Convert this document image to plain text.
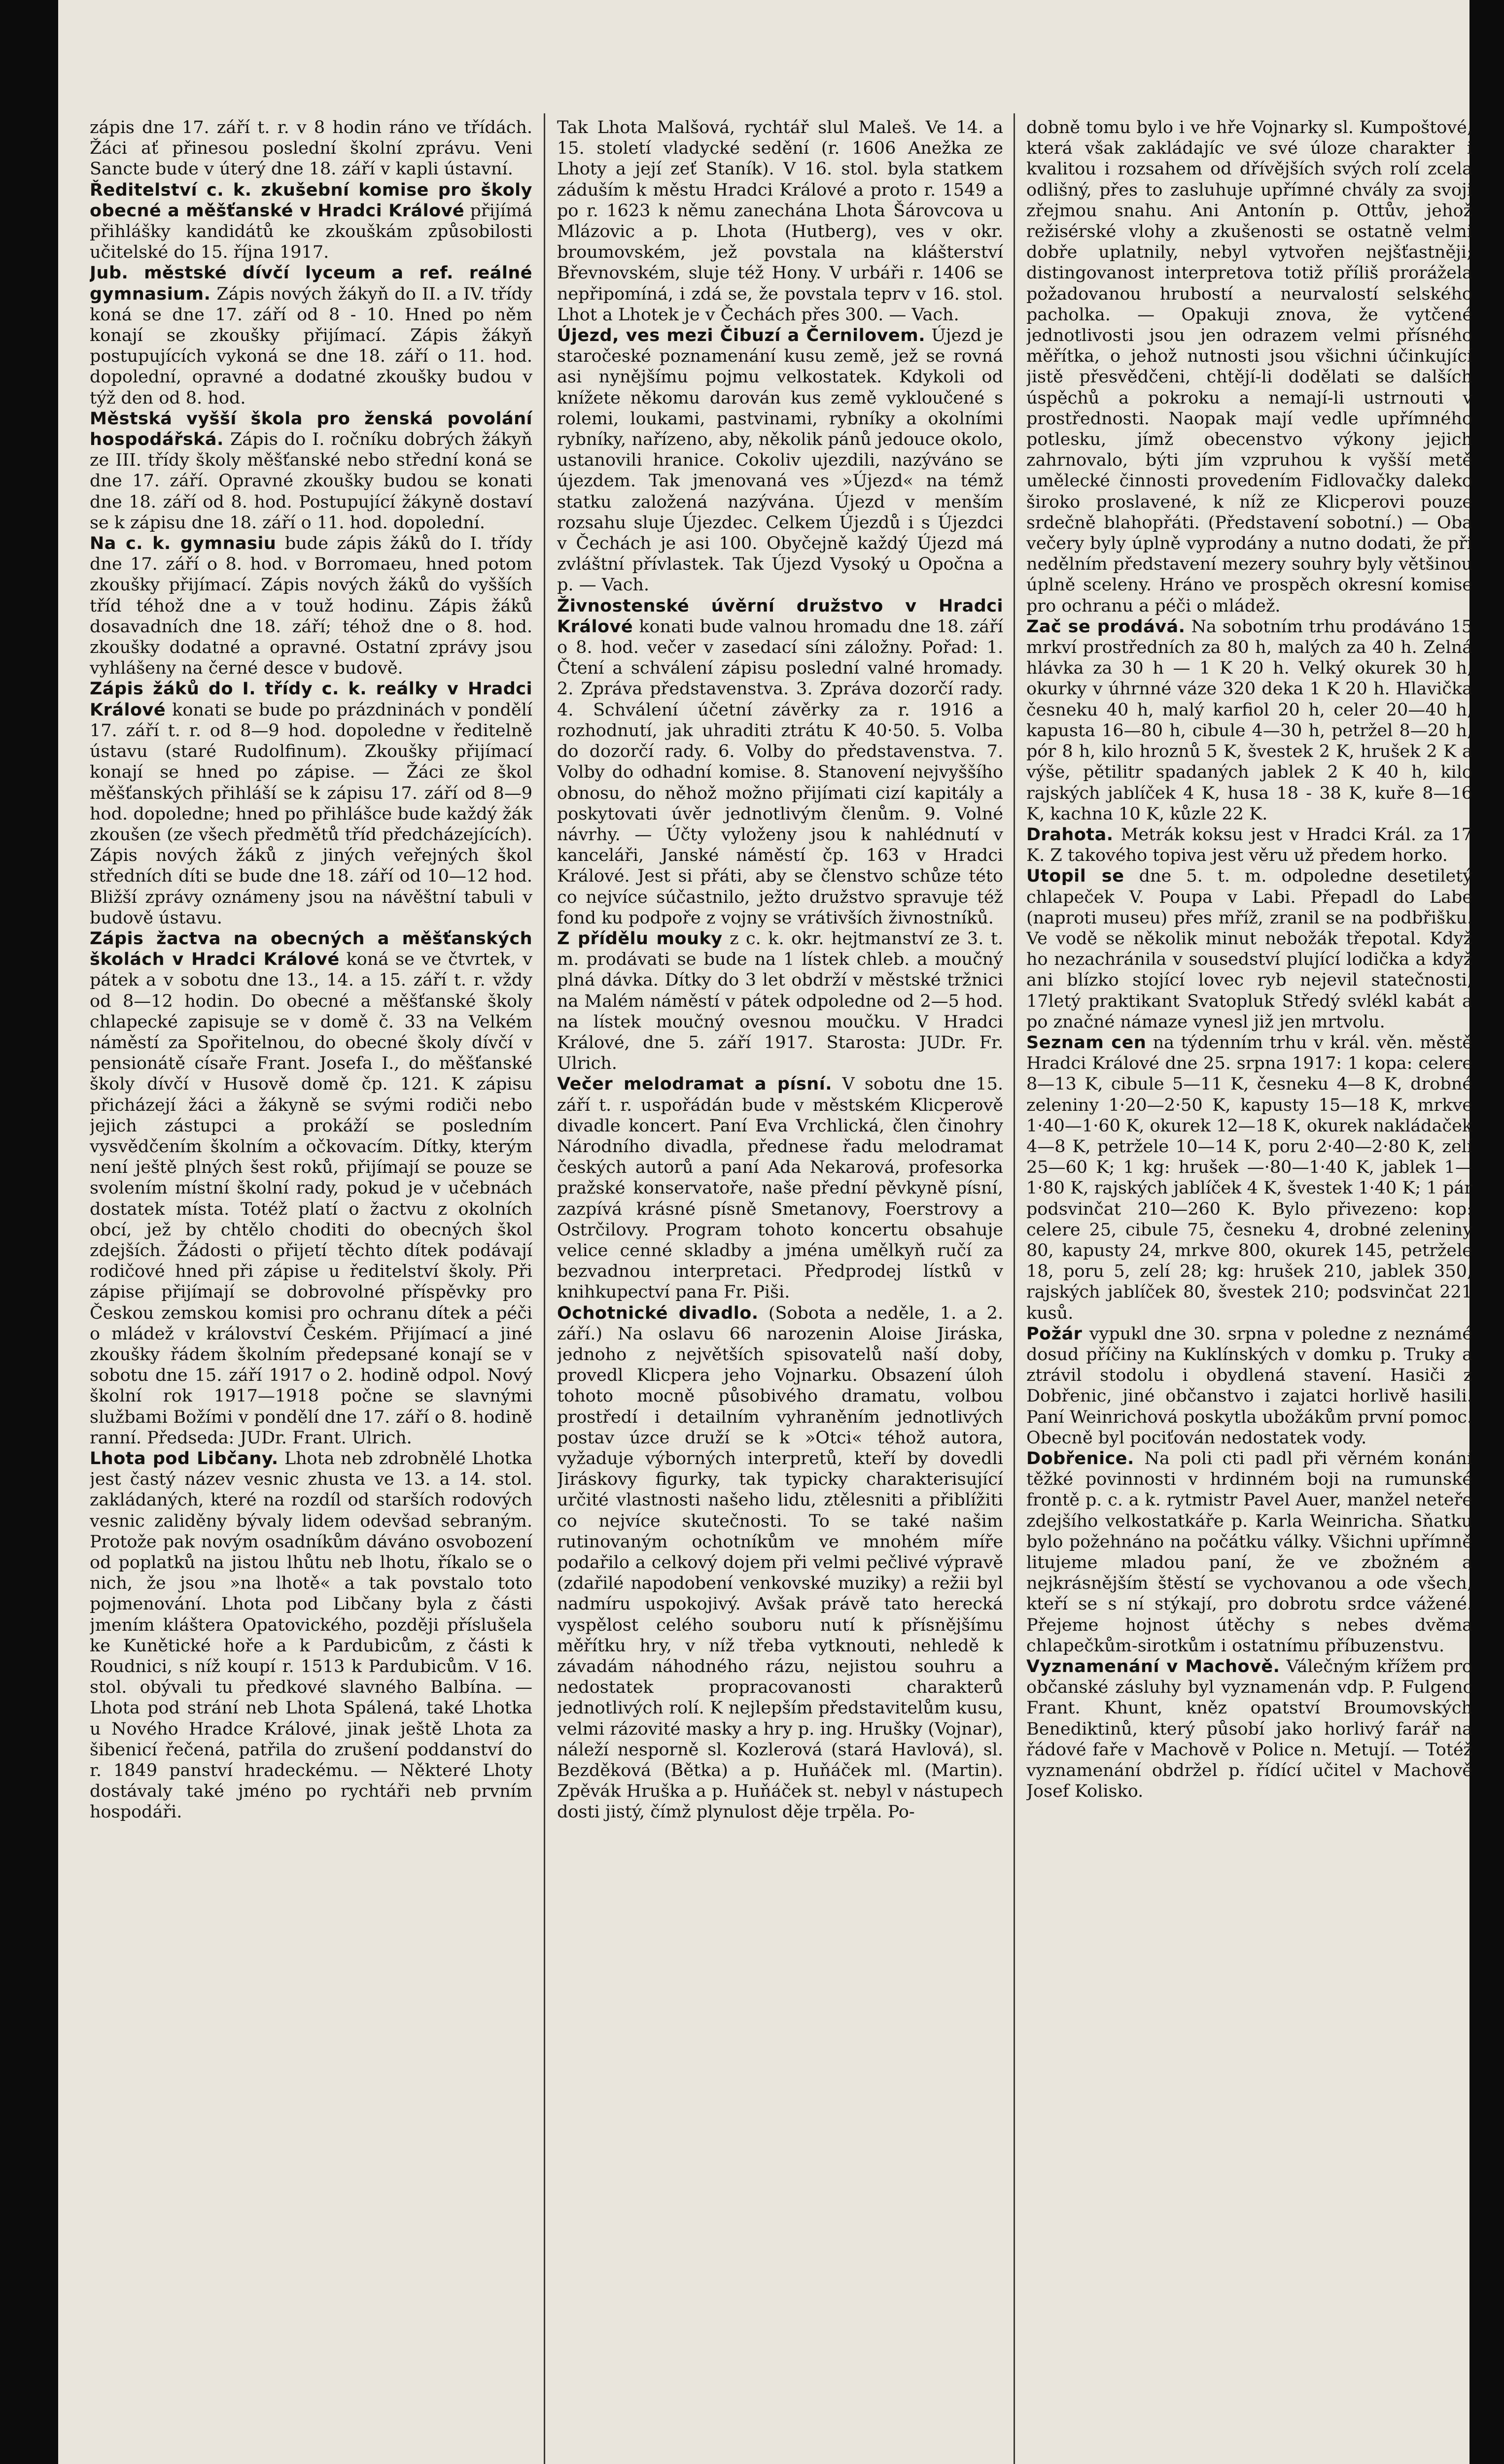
zápis dne 17. září t. r. v 8 hodin ráno ve třídách. Žáci ať přinesou poslední školní zprávu. Veni Sancte bude v úterý dne 18. září v kapli ústavní.

Ředitelství c. k. zkušební komise pro školy obecné a měšťanské v Hradci Králové přijímá přihlášky kandidátů ke zkouškám způsobilosti učitelské do 15. října 1917.

Jub. městské dívčí lyceum a ref. reálné gymnasium. Zápis nových žákyň do II. a IV. třídy koná se dne 17. září od 8 - 10. Hned po něm konají se zkoušky přijímací. Zápis žákyň postupujících vykoná se dne 18. září o 11. hod. dopolední, opravné a dodatné zkoušky budou v týž den od 8. hod.

Městská vyšší škola pro ženská povolání hospodářská. Zápis do I. ročníku dobrých žákyň ze III. třídy školy měšťanské nebo střední koná se dne 17. září. Opravné zkoušky budou se konati dne 18. září od 8. hod. Postupující žákyně dostaví se k zápisu dne 18. září o 11. hod. dopolední.

Na c. k. gymnasiu bude zápis žáků do I. třídy dne 17. září o 8. hod. v Borromaeu, hned potom zkoušky přijímací. Zápis nových žáků do vyšších tříd téhož dne a v touž hodinu. Zápis žáků dosavadních dne 18. září; téhož dne o 8. hod. zkoušky dodatné a opravné. Ostatní zprávy jsou vyhlášeny na černé desce v budově.

Zápis žáků do I. třídy c. k. reálky v Hradci Králové konati se bude po prázdninách v pondělí 17. září t. r. od 8—9 hod. dopoledne v ředitelně ústavu (staré Rudolfinum). Zkoušky přijímací konají se hned po zápise. — Žáci ze škol měšťanských přihláší se k zápisu 17. září od 8—9 hod. dopoledne; hned po přihlášce bude každý žák zkoušen (ze všech předmětů tříd předcházejících). Zápis nových žáků z jiných veřejných škol středních díti se bude dne 18. září od 10—12 hod. Bližší zprávy oznámeny jsou na návěštní tabuli v budově ústavu.

Zápis žactva na obecných a měšťanských školách v Hradci Králové koná se ve čtvrtek, v pátek a v sobotu dne 13., 14. a 15. září t. r. vždy od 8—12 hodin. Do obecné a měšťanské školy chlapecké zapisuje se v domě č. 33 na Velkém náměstí za Spořitelnou, do obecné školy dívčí v pensionátě císaře Frant. Josefa I., do měšťanské školy dívčí v Husově domě čp. 121. K zápisu přicházejí žáci a žákyně se svými rodiči nebo jejich zástupci a prokáží se posledním vysvědčením školním a očkovacím. Dítky, kterým není ještě plných šest roků, přijímají se pouze se svolením místní školní rady, pokud je v učebnách dostatek místa. Totéž platí o žactvu z okolních obcí, jež by chtělo choditi do obecných škol zdejších. Žádosti o přijetí těchto dítek podávají rodičové hned při zápise u ředitelství školy. Při zápise přijímají se dobrovolné příspěvky pro Českou zemskou komisi pro ochranu dítek a péči o mládež v království Českém. Přijímací a jiné zkoušky řádem školním předepsané konají se v sobotu dne 15. září 1917 o 2. hodině odpol. Nový školní rok 1917—1918 počne se slavnými službami Božími v pondělí dne 17. září o 8. hodině ranní. Předseda: JUDr. Frant. Ulrich.

Lhota pod Libčany. Lhota neb zdrobnělé Lhotka jest častý název vesnic zhusta ve 13. a 14. stol. zakládaných, které na rozdíl od starších rodových vesnic zaliděny bývaly lidem odevšad sebraným. Protože pak novým osadníkům dáváno osvobození od poplatků na jistou lhůtu neb lhotu, říkalo se o nich, že jsou »na lhotě« a tak povstalo toto pojmenování. Lhota pod Libčany byla z části jmením kláštera Opatovického, později příslušela ke Kunětické hoře a k Pardubicům, z části k Roudnici, s níž koupí r. 1513 k Pardubicům. V 16. stol. obývali tu předkové slavného Balbína. — Lhota pod strání neb Lhota Spálená, také Lhotka u Nového Hradce Králové, jinak ještě Lhota za šibenicí řečená, patřila do zrušení poddanství do r. 1849 panství hradeckému. — Některé Lhoty dostávaly také jméno po rychtáři neb prvním hospodáři.

Tak Lhota Malšová, rychtář slul Maleš. Ve 14. a 15. století vladycké sedění (r. 1606 Anežka ze Lhoty a její zeť Staník). V 16. stol. byla statkem záduším k městu Hradci Králové a proto r. 1549 a po r. 1623 k němu zanechána Lhota Šárovcova u Mlázovic a p. Lhota (Hutberg), ves v okr. broumovském, jež povstala na klášterství Břevnovském, sluje též Hony. V urbáři r. 1406 se nepřipomíná, i zdá se, že povstala teprv v 16. stol. Lhot a Lhotek je v Čechách přes 300. — Vach.

Újezd, ves mezi Čibuzí a Černilovem. Újezd je staročeské poznamenání kusu země, jež se rovná asi nynějšímu pojmu velkostatek. Kdykoli od knížete někomu darován kus země vykloučené s rolemi, loukami, pastvinami, rybníky a okolními rybníky, nařízeno, aby, několik pánů jedouce okolo, ustanovili hranice. Cokoliv ujezdili, nazýváno se újezdem. Tak jmenovaná ves »Újezd« na témž statku založená nazývána. Újezd v menším rozsahu sluje Újezdec. Celkem Újezdů i s Újezdci v Čechách je asi 100. Obyčejně každý Újezd má zvláštní přívlastek. Tak Újezd Vysoký u Opočna a p. — Vach.

Živnostenské úvěrní družstvo v Hradci Králové konati bude valnou hromadu dne 18. září o 8. hod. večer v zasedací síni záložny. Pořad: 1. Čtení a schválení zápisu poslední valné hromady. 2. Zpráva představenstva. 3. Zpráva dozorčí rady. 4. Schválení účetní závěrky za r. 1916 a rozhodnutí, jak uhraditi ztrátu K 40·50. 5. Volba do dozorčí rady. 6. Volby do představenstva. 7. Volby do odhadní komise. 8. Stanovení nejvyššího obnosu, do něhož možno přijímati cizí kapitály a poskytovati úvěr jednotlivým členům. 9. Volné návrhy. — Účty vyloženy jsou k nahlédnutí v kanceláři, Janské náměstí čp. 163 v Hradci Králové. Jest si přáti, aby se členstvo schůze této co nejvíce súčastnilo, ježto družstvo spravuje též fond ku podpoře z vojny se vrátivších živnostníků.

Z přídělu mouky z c. k. okr. hejtmanství ze 3. t. m. prodávati se bude na 1 lístek chleb. a moučný plná dávka. Dítky do 3 let obdrží v městské tržnici na Malém náměstí v pátek odpoledne od 2—5 hod. na lístek moučný ovesnou moučku. V Hradci Králové, dne 5. září 1917. Starosta: JUDr. Fr. Ulrich.

Večer melodramat a písní. V sobotu dne 15. září t. r. uspořádán bude v městském Klicperově divadle koncert. Paní Eva Vrchlická, člen činohry Národního divadla, přednese řadu melodramat českých autorů a paní Ada Nekarová, profesorka pražské konservatoře, naše přední pěvkyně písní, zazpívá krásné písně Smetanovy, Foerstrovy a Ostrčilovy. Program tohoto koncertu obsahuje velice cenné skladby a jména umělkyň ručí za bezvadnou interpretaci. Předprodej lístků v knihkupectví pana Fr. Piši.

Ochotnické divadlo. (Sobota a neděle, 1. a 2. září.) Na oslavu 66 narozenin Aloise Jiráska, jednoho z největších spisovatelů naší doby, provedl Klicpera jeho Vojnarku. Obsazení úloh tohoto mocně působivého dramatu, volbou prostředí i detailním vyhraněním jednotlivých postav úzce druží se k »Otci« téhož autora, vyžaduje výborných interpretů, kteří by dovedli Jiráskovy figurky, tak typicky charakterisující určité vlastnosti našeho lidu, ztělesniti a přiblížiti co nejvíce skutečnosti. To se také našim rutinovaným ochotníkům ve mnohém míře podařilo a celkový dojem při velmi pečlivé výpravě (zdařilé napodobení venkovské muziky) a režii byl nadmíru uspokojivý. Avšak právě tato herecká vyspělost celého souboru nutí k přísnějšímu měřítku hry, v níž třeba vytknouti, nehledě k závadám náhodného rázu, nejistou souhru a nedostatek propracovanosti charakterů jednotlivých rolí. K nejlepším představitelům kusu, velmi rázovité masky a hry p. ing. Hrušky (Vojnar), náleží nesporně sl. Kozlerová (stará Havlová), sl. Bezděková (Bětka) a p. Huňáček ml. (Martin). Zpěvák Hruška a p. Huňáček st. nebyl v nástupech dosti jistý, čímž plynulost děje trpěla. Po-

dobně tomu bylo i ve hře Vojnarky sl. Kumpoštové, která však zakládajíc ve své úloze charakter i kvalitou i rozsahem od dřívějších svých rolí zcela odlišný, přes to zasluhuje upřímné chvály za svoji zřejmou snahu. Ani Antonín p. Ottův, jehož režisérské vlohy a zkušenosti se ostatně velmi dobře uplatnily, nebyl vytvořen nejšťastněji; distingovanost interpretova totiž příliš prorážela požadovanou hrubostí a neurvalostí selského pacholka. — Opakuji znova, že vytčené jednotlivosti jsou jen odrazem velmi přísného měřítka, o jehož nutnosti jsou všichni účinkující jistě přesvědčeni, chtějí-li dodělati se dalších úspěchů a pokroku a nemají-li ustrnouti v prostřednosti. Naopak mají vedle upřímného potlesku, jímž obecenstvo výkony jejich zahrnovalo, býti jím vzpruhou k vyšší metě umělecké činnosti provedením Fidlovačky daleko široko proslavené, k níž ze Klicperovi pouze srdečně blahopřáti. (Představení sobotní.) — Oba večery byly úplně vyprodány a nutno dodati, že při nedělním představení mezery souhry byly většinou úplně sceleny. Hráno ve prospěch okresní komise pro ochranu a péči o mládež.

Zač se prodává. Na sobotním trhu prodáváno 15 mrkví prostředních za 80 h, malých za 40 h. Zelná hlávka za 30 h — 1 K 20 h. Velký okurek 30 h, okurky v úhrnné váze 320 deka 1 K 20 h. Hlavička česneku 40 h, malý karfiol 20 h, celer 20—40 h, kapusta 16—80 h, cibule 4—30 h, petržel 8—20 h, pór 8 h, kilo hroznů 5 K, švestek 2 K, hrušek 2 K a výše, pětilitr spadaných jablek 2 K 40 h, kilo rajských jablíček 4 K, husa 18 - 38 K, kuře 8—16 K, kachna 10 K, kůzle 22 K.

Drahota. Metrák koksu jest v Hradci Král. za 17 K. Z takového topiva jest věru už předem horko.

Utopil se dne 5. t. m. odpoledne desetiletý chlapeček V. Poupa v Labi. Přepadl do Labe (naproti museu) přes mříž, zranil se na podbřišku. Ve vodě se několik minut nebožák třepotal. Když ho nezachránila v sousedství plující lodička a když ani blízko stojící lovec ryb nejevil statečnosti, 17letý praktikant Svatopluk Středý svlékl kabát a po značné námaze vynesl již jen mrtvolu.

Seznam cen na týdenním trhu v král. věn. městě Hradci Králové dne 25. srpna 1917: 1 kopa: celere 8—13 K, cibule 5—11 K, česneku 4—8 K, drobné zeleniny 1·20—2·50 K, kapusty 15—18 K, mrkve 1·40—1·60 K, okurek 12—18 K, okurek nakládaček 4—8 K, petržele 10—14 K, poru 2·40—2·80 K, zelí 25—60 K; 1 kg: hrušek —·80—1·40 K, jablek 1—1·80 K, rajských jablíček 4 K, švestek 1·40 K; 1 pár podsvinčat 210—260 K. Bylo přivezeno: kop: celere 25, cibule 75, česneku 4, drobné zeleniny 80, kapusty 24, mrkve 800, okurek 145, petržele 18, poru 5, zelí 28; kg: hrušek 210, jablek 350, rajských jablíček 80, švestek 210; podsvinčat 221 kusů.

Požár vypukl dne 30. srpna v poledne z neznámé dosud příčiny na Kuklínských v domku p. Truky a ztrávil stodolu i obydlená stavení. Hasiči z Dobřenic, jiné občanstvo i zajatci horlivě hasili. Paní Weinrichová poskytla ubožákům první pomoc. Obecně byl pociťován nedostatek vody.

Dobřenice. Na poli cti padl při věrném konání těžké povinnosti v hrdinném boji na rumunské frontě p. c. a k. rytmistr Pavel Auer, manžel neteře zdejšího velkostatkáře p. Karla Weinricha. Sňatku bylo požehnáno na počátku války. Všichni upřímně litujeme mladou paní, že ve zbožném a nejkrásnějším štěstí se vychovanou a ode všech, kteří se s ní stýkají, pro dobrotu srdce vážené. Přejeme hojnost útěchy s nebes dvěma chlapečkům-sirotkům i ostatnímu příbuzenstvu.

Vyznamenání v Machově. Válečným křížem pro občanské zásluhy byl vyznamenán vdp. P. Fulgenc Frant. Khunt, kněz opatství Broumovských Benediktinů, který působí jako horlivý farář na řádové faře v Machově v Police n. Metují. — Totéž vyznamenání obdržel p. řídící učitel v Machově Josef Kolisko.
